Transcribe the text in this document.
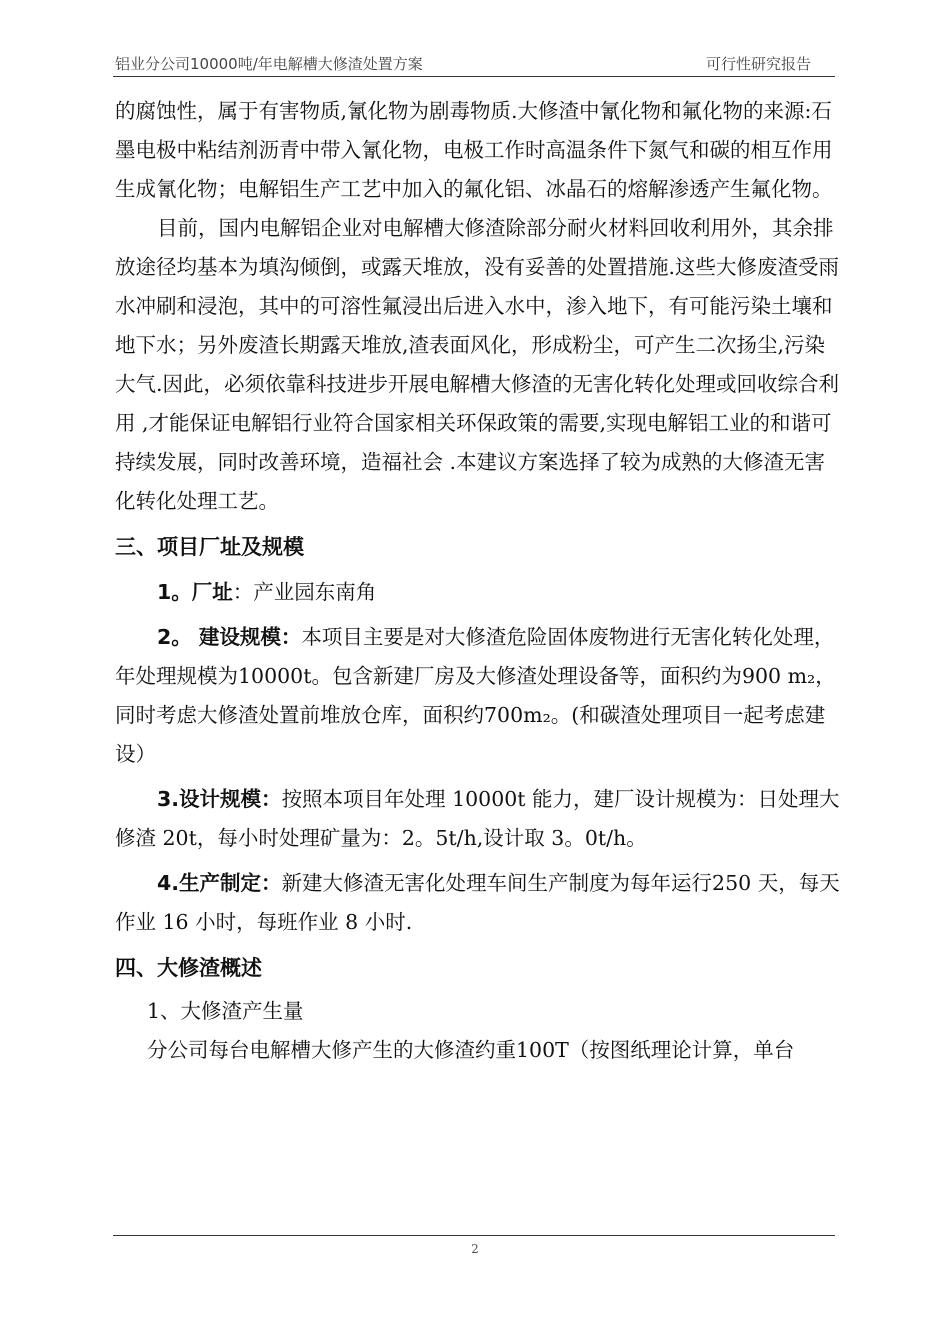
铝业分公司10000吨/年电解槽大修渣处置方案	可行性研究报告

的腐蚀性，属于有害物质,氰化物为剧毒物质.大修渣中氰化物和氟化物的来源:石墨电极中粘结剂沥青中带入氰化物，电极工作时高温条件下氮气和碳的相互作用生成氰化物；电解铝生产工艺中加入的氟化铝、冰晶石的熔解渗透产生氟化物。

目前，国内电解铝企业对电解槽大修渣除部分耐火材料回收利用外，其余排放途径均基本为填沟倾倒，或露天堆放，没有妥善的处置措施.这些大修废渣受雨水冲刷和浸泡，其中的可溶性氟浸出后进入水中，渗入地下，有可能污染土壤和地下水；另外废渣长期露天堆放,渣表面风化，形成粉尘，可产生二次扬尘,污染大气.因此，必须依靠科技进步开展电解槽大修渣的无害化转化处理或回收综合利用 ,才能保证电解铝行业符合国家相关环保政策的需要,实现电解铝工业的和谐可持续发展，同时改善环境，造福社会 .本建议方案选择了较为成熟的大修渣无害化转化处理工艺。

三、项目厂址及规模

1。厂址：产业园东南角

2。 建设规模：本项目主要是对大修渣危险固体废物进行无害化转化处理，年处理规模为10000t。包含新建厂房及大修渣处理设备等，面积约为900 m₂，同时考虑大修渣处置前堆放仓库，面积约700m₂。(和碳渣处理项目一起考虑建设）

3.设计规模：按照本项目年处理 10000t 能力，建厂设计规模为：日处理大修渣 20t，每小时处理矿量为：2。5t/h,设计取 3。0t/h。

4.生产制定：新建大修渣无害化处理车间生产制度为每年运行250 天，每天作业 16 小时，每班作业 8 小时.

四、大修渣概述

1、大修渣产生量

分公司每台电解槽大修产生的大修渣约重100T（按图纸理论计算，单台

2
